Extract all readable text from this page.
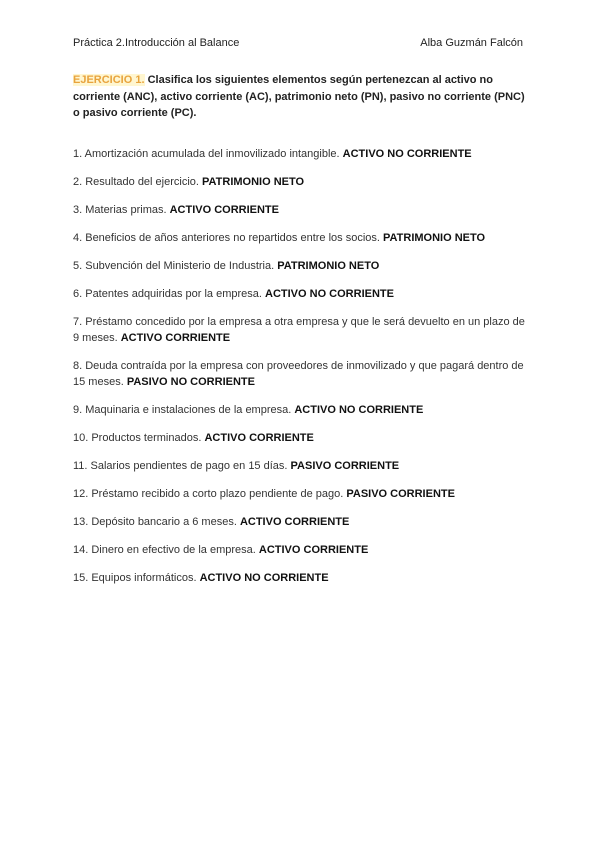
Práctica 2.Introducción al Balance	Alba Guzmán Falcón
EJERCICIO 1. Clasifica los siguientes elementos según pertenezcan al activo no corriente (ANC), activo corriente (AC), patrimonio neto (PN), pasivo no corriente (PNC) o pasivo corriente (PC).
1. Amortización acumulada del inmovilizado intangible. ACTIVO NO CORRIENTE
2. Resultado del ejercicio. PATRIMONIO NETO
3. Materias primas. ACTIVO CORRIENTE
4. Beneficios de años anteriores no repartidos entre los socios. PATRIMONIO NETO
5. Subvención del Ministerio de Industria. PATRIMONIO NETO
6. Patentes adquiridas por la empresa. ACTIVO NO CORRIENTE
7. Préstamo concedido por la empresa a otra empresa y que le será devuelto en un plazo de 9 meses. ACTIVO CORRIENTE
8. Deuda contraída por la empresa con proveedores de inmovilizado y que pagará dentro de 15 meses. PASIVO NO CORRIENTE
9. Maquinaria e instalaciones de la empresa. ACTIVO NO CORRIENTE
10. Productos terminados. ACTIVO CORRIENTE
11. Salarios pendientes de pago en 15 días. PASIVO CORRIENTE
12. Préstamo recibido a corto plazo pendiente de pago. PASIVO CORRIENTE
13. Depósito bancario a 6 meses. ACTIVO CORRIENTE
14. Dinero en efectivo de la empresa. ACTIVO CORRIENTE
15. Equipos informáticos. ACTIVO NO CORRIENTE
